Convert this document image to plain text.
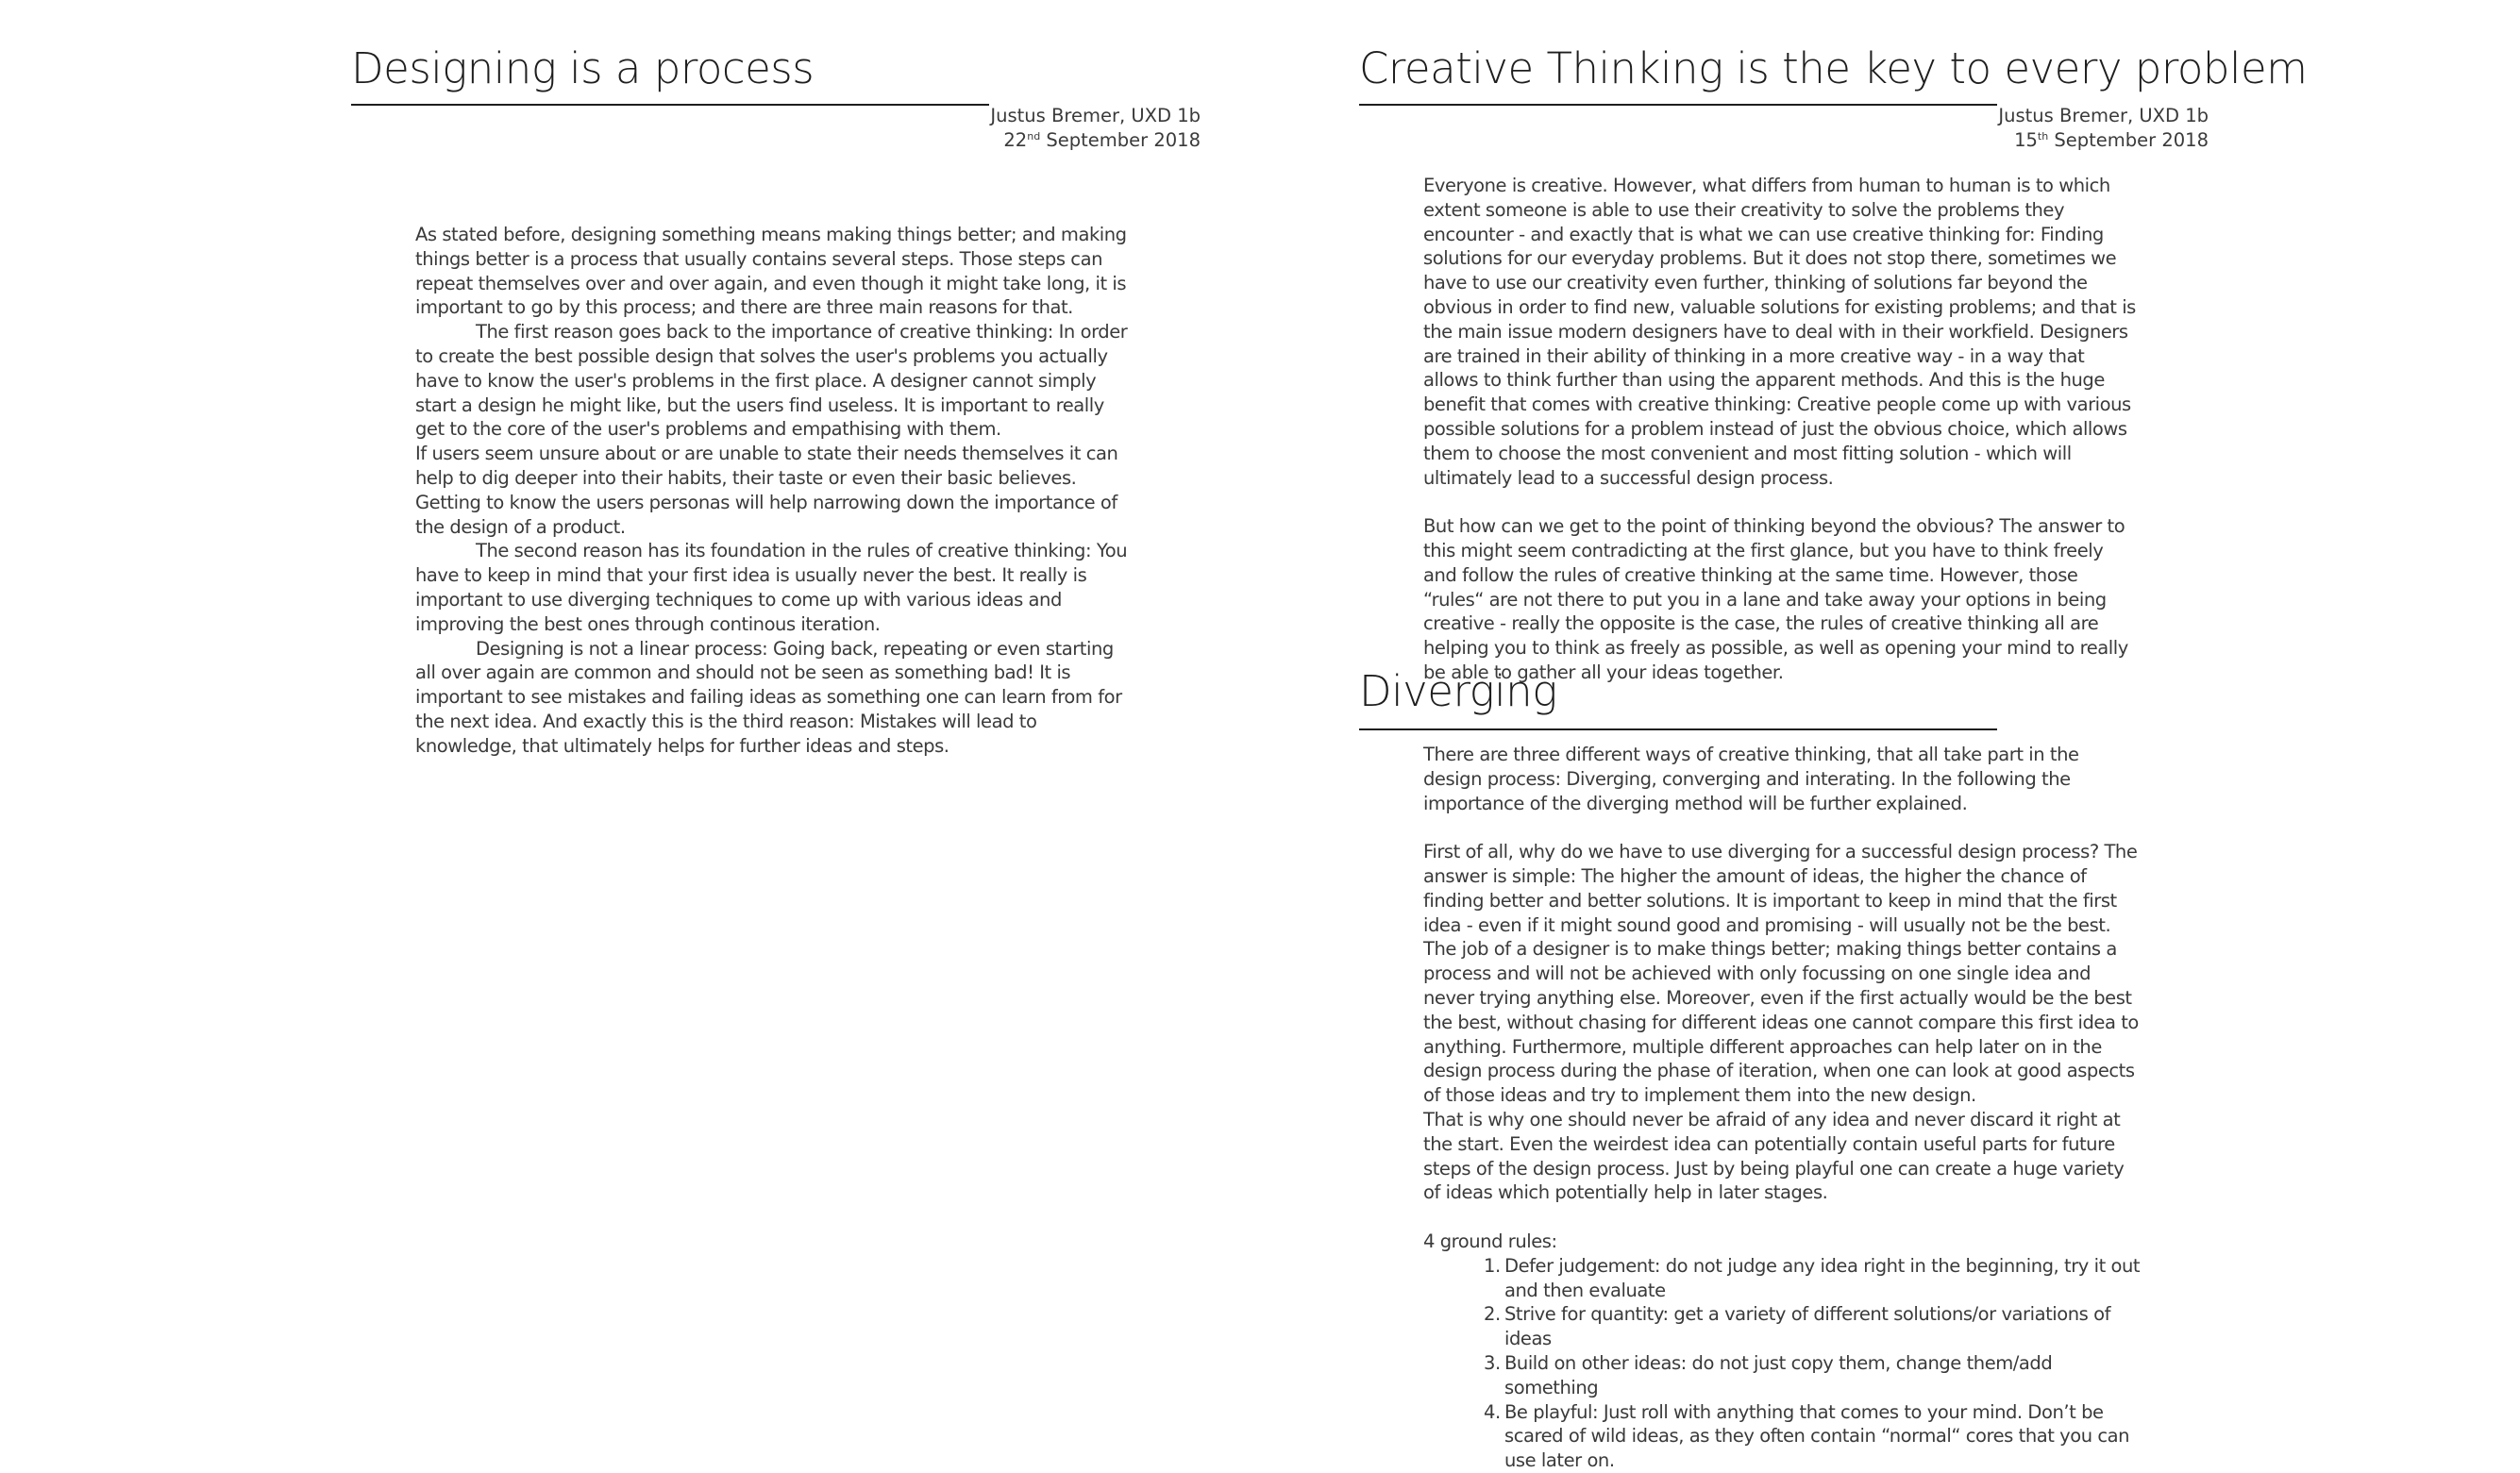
Designing is a process
Justus Bremer, UXD 1b
22nd September 2018

As stated before, designing something means making things better; and making things better is a process that usually contains several steps. Those steps can repeat themselves over and over again, and even though it might take long, it is important to go by this process; and there are three main reasons for that.

The first reason goes back to the importance of creative thinking: In order to create the best possible design that solves the user's problems you actually have to know the user's problems in the first place. A designer cannot simply start a design he might like, but the users find useless. It is important to really get to the core of the user's problems and empathising with them.

If users seem unsure about or are unable to state their needs themselves it can help to dig deeper into their habits, their taste or even their basic believes. Getting to know the users personas will help narrowing down the importance of the design of a product.

The second reason has its foundation in the rules of creative thinking: You have to keep in mind that your first idea is usually never the best. It really is important to use diverging techniques to come up with various ideas and improving the best ones through continous iteration.

Designing is not a linear process: Going back, repeating or even starting all over again are common and should not be seen as something bad! It is important to see mistakes and failing ideas as something one can learn from for the next idea. And exactly this is the third reason: Mistakes will lead to knowledge, that ultimately helps for further ideas and steps.

Creative Thinking is the key to every problem
Justus Bremer, UXD 1b
15th September 2018

Everyone is creative. However, what differs from human to human is to which extent someone is able to use their creativity to solve the problems they encounter - and exactly that is what we can use creative thinking for: Finding solutions for our everyday problems. But it does not stop there, sometimes we have to use our creativity even further, thinking of solutions far beyond the obvious in order to find new, valuable solutions for existing problems; and that is the main issue modern designers have to deal with in their workfield. Designers are trained in their ability of thinking in a more creative way - in a way that allows to think further than using the apparent methods. And this is the huge benefit that comes with creative thinking: Creative people come up with various possible solutions for a problem instead of just the obvious choice, which allows them to choose the most convenient and most fitting solution - which will ultimately lead to a successful design process.

But how can we get to the point of thinking beyond the obvious? The answer to this might seem contradicting at the first glance, but you have to think freely and follow the rules of creative thinking at the same time. However, those “rules“ are not there to put you in a lane and take away your options in being creative - really the opposite is the case, the rules of creative thinking all are helping you to think as freely as possible, as well as opening your mind to really be able to gather all your ideas together.

Diverging

There are three different ways of creative thinking, that all take part in the design process: Diverging, converging and interating. In the following the importance of the diverging method will be further explained.

First of all, why do we have to use diverging for a successful design process? The answer is simple: The higher the amount of ideas, the higher the chance of finding better and better solutions. It is important to keep in mind that the first idea - even if it might sound good and promising - will usually not be the best. The job of a designer is to make things better; making things better contains a process and will not be achieved with only focussing on one single idea and never trying anything else. Moreover, even if the first actually would be the best the best, without chasing for different ideas one cannot compare this first idea to anything. Furthermore, multiple different approaches can help later on in the design process during the phase of iteration, when one can look at good aspects of those ideas and try to implement them into the new design.

That is why one should never be afraid of any idea and never discard it right at the start. Even the weirdest idea can potentially contain useful parts for future steps of the design process. Just by being playful one can create a huge variety of ideas which potentially help in later stages.

4 ground rules:

1. Defer judgement: do not judge any idea right in the beginning, try it out and then evaluate
2. Strive for quantity: get a variety of different solutions/or variations of ideas
3. Build on other ideas: do not just copy them, change them/add something
4. Be playful: Just roll with anything that comes to your mind. Don’t be scared of wild ideas, as they often contain “normal“ cores that you can use later on.
